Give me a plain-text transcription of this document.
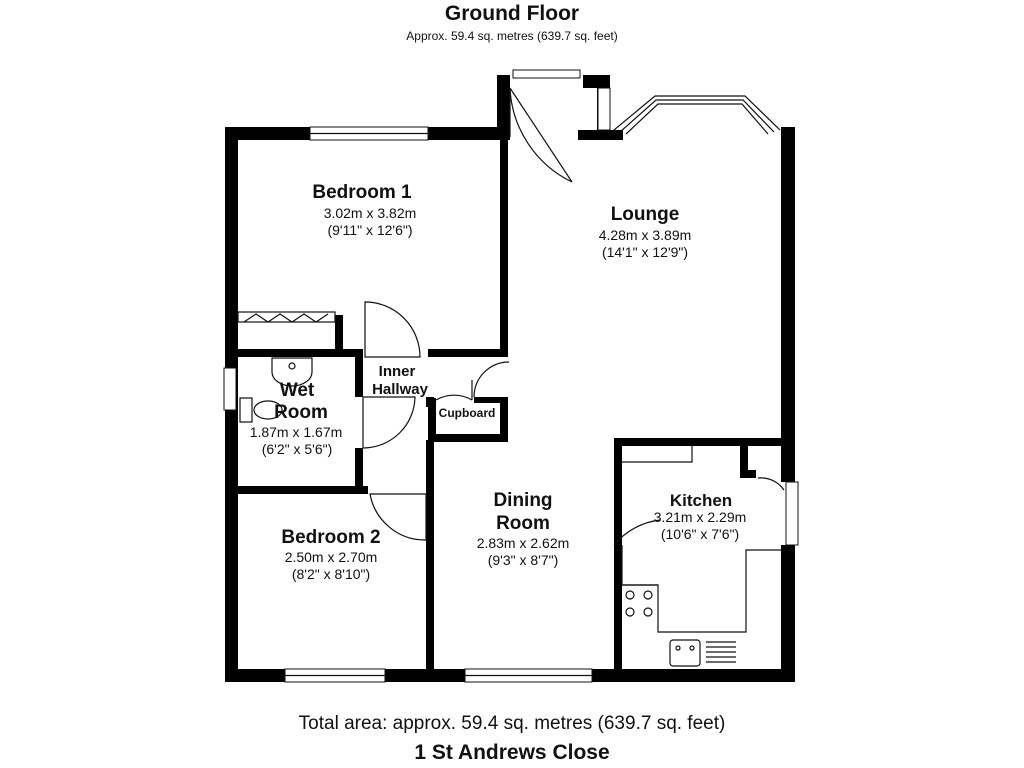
Ground Floor
Approx. 59.4 sq. metres (639.7 sq. feet)
Bedroom 1
3.02m x 3.82m
(9'11" x 12'6")
Lounge
4.28m x 3.89m
(14'1" x 12'9")
Wet
Room
1.87m x 1.67m
(6'2" x 5'6")
Inner
Hallway
Cupboard
Bedroom 2
2.50m x 2.70m
(8'2" x 8'10")
Dining
Room
2.83m x 2.62m
(9'3" x 8'7")
Kitchen
3.21m x 2.29m
(10'6" x 7'6")
Total area: approx. 59.4 sq. metres (639.7 sq. feet)
1 St Andrews Close
